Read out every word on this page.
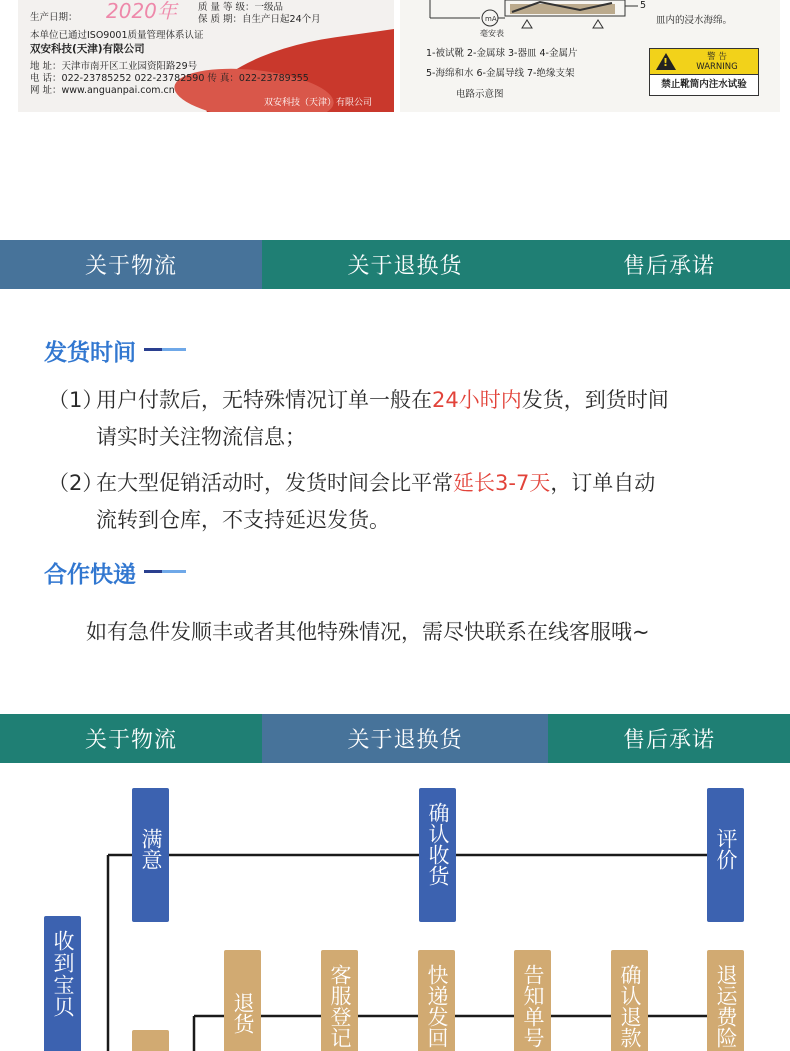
2020年
生产日期：
质 量 等 级：一级品
保 质 期：自生产日起24个月
本单位已通过ISO9001质量管理体系认证
双安科技(天津)有限公司
地 址：天津市南开区工业园资阳路29号
电 话：022-23785252 022-23782590 传 真：022-23789355
网 址：www.anguanpai.com.cn
双安科技（天津）有限公司
mA
5
毫安表
1-被试靴 2-金属球 3-器皿 4-金属片
5-海绵和水 6-金属导线 7-绝缘支架
电路示意图
皿内的浸水海绵。
!	警 告
WARNING
禁止靴筒内注水试验
关于物流	关于退换货	售后承诺
发货时间
（1）用户付款后，无特殊情况订单一般在24小时内发货，到货时间
请实时关注物流信息；
（2）在大型促销活动时，发货时间会比平常延长3-7天，订单自动
流转到仓库，不支持延迟发货。
合作快递
如有急件发顺丰或者其他特殊情况，需尽快联系在线客服哦~
关于物流	关于退换货	售后承诺
收到宝贝
满意	确认收货	评价
退货	客服登记	快递发回	告知单号	确认退款	退运费险
